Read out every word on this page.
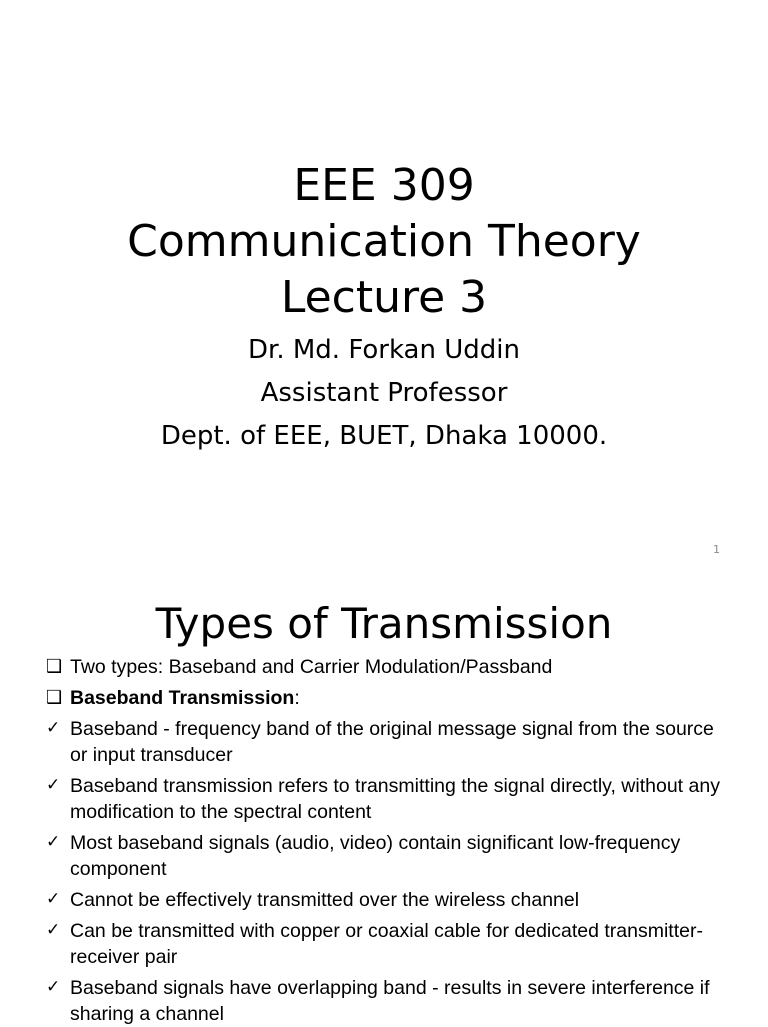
EEE 309
Communication Theory
Lecture 3
Dr. Md. Forkan Uddin
Assistant Professor
Dept. of EEE, BUET, Dhaka 10000.
1
Types of Transmission
❑ Two types: Baseband and Carrier Modulation/Passband
❑ Baseband Transmission:
✓ Baseband - frequency band of the original message signal from the source or input transducer
✓ Baseband transmission refers to transmitting the signal directly, without any modification to the spectral content
✓ Most baseband signals (audio, video) contain significant low-frequency component
✓ Cannot be effectively transmitted over the wireless channel
✓ Can be transmitted with copper or coaxial cable for dedicated transmitter-receiver pair
✓ Baseband signals have overlapping band - results in severe interference if sharing a channel
